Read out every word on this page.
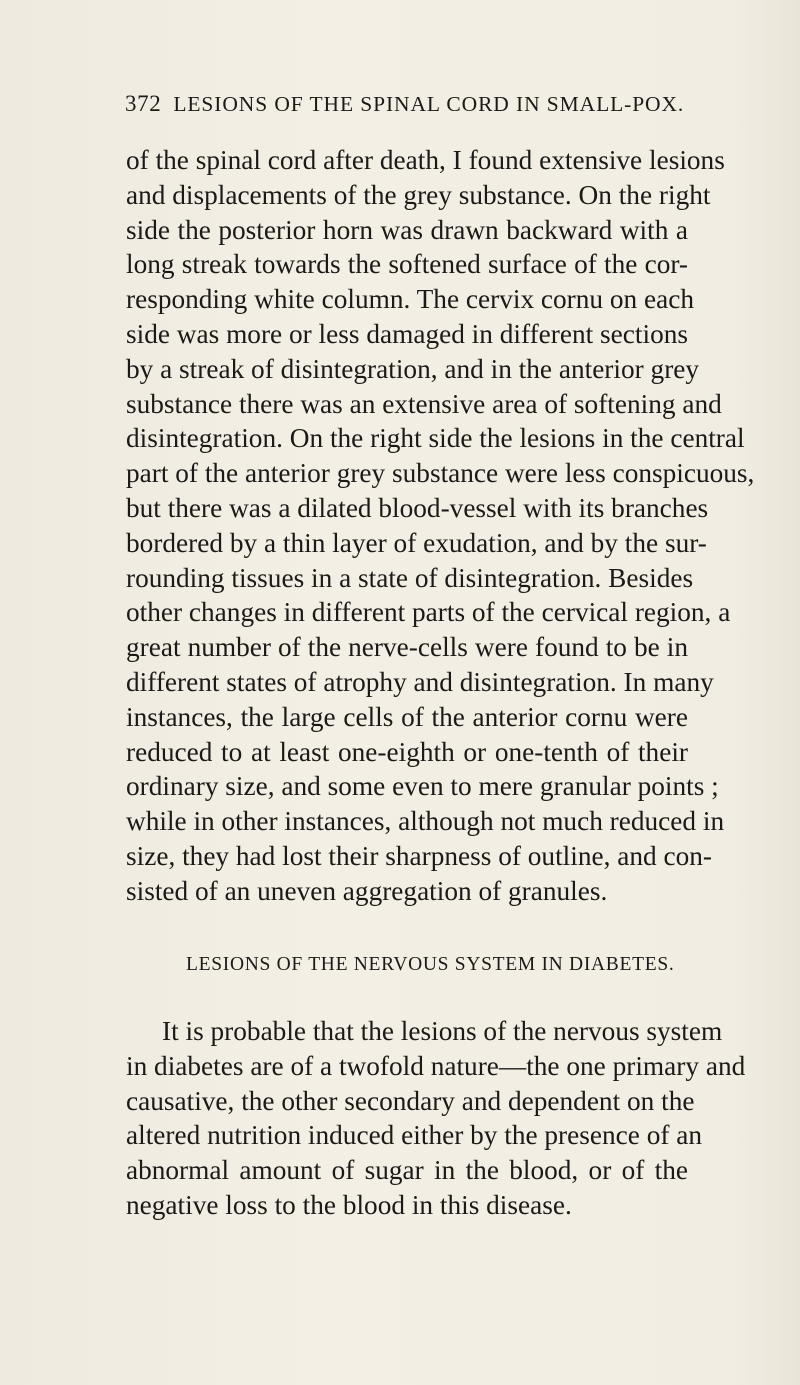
372 LESIONS OF THE SPINAL CORD IN SMALL-POX.
of the spinal cord after death, I found extensive lesions
and displacements of the grey substance. On the right
side the posterior horn was drawn backward with a
long streak towards the softened surface of the cor-
responding white column. The cervix cornu on each
side was more or less damaged in different sections
by a streak of disintegration, and in the anterior grey
substance there was an extensive area of softening and
disintegration. On the right side the lesions in the central
part of the anterior grey substance were less conspicuous,
but there was a dilated blood-vessel with its branches
bordered by a thin layer of exudation, and by the sur-
rounding tissues in a state of disintegration. Besides
other changes in different parts of the cervical region, a
great number of the nerve-cells were found to be in
different states of atrophy and disintegration. In many
instances, the large cells of the anterior cornu were
reduced to at least one-eighth or one-tenth of their
ordinary size, and some even to mere granular points ;
while in other instances, although not much reduced in
size, they had lost their sharpness of outline, and con-
sisted of an uneven aggregation of granules.
LESIONS OF THE NERVOUS SYSTEM IN DIABETES.
It is probable that the lesions of the nervous system
in diabetes are of a twofold nature—the one primary and
causative, the other secondary and dependent on the
altered nutrition induced either by the presence of an
abnormal amount of sugar in the blood, or of the
negative loss to the blood in this disease.
